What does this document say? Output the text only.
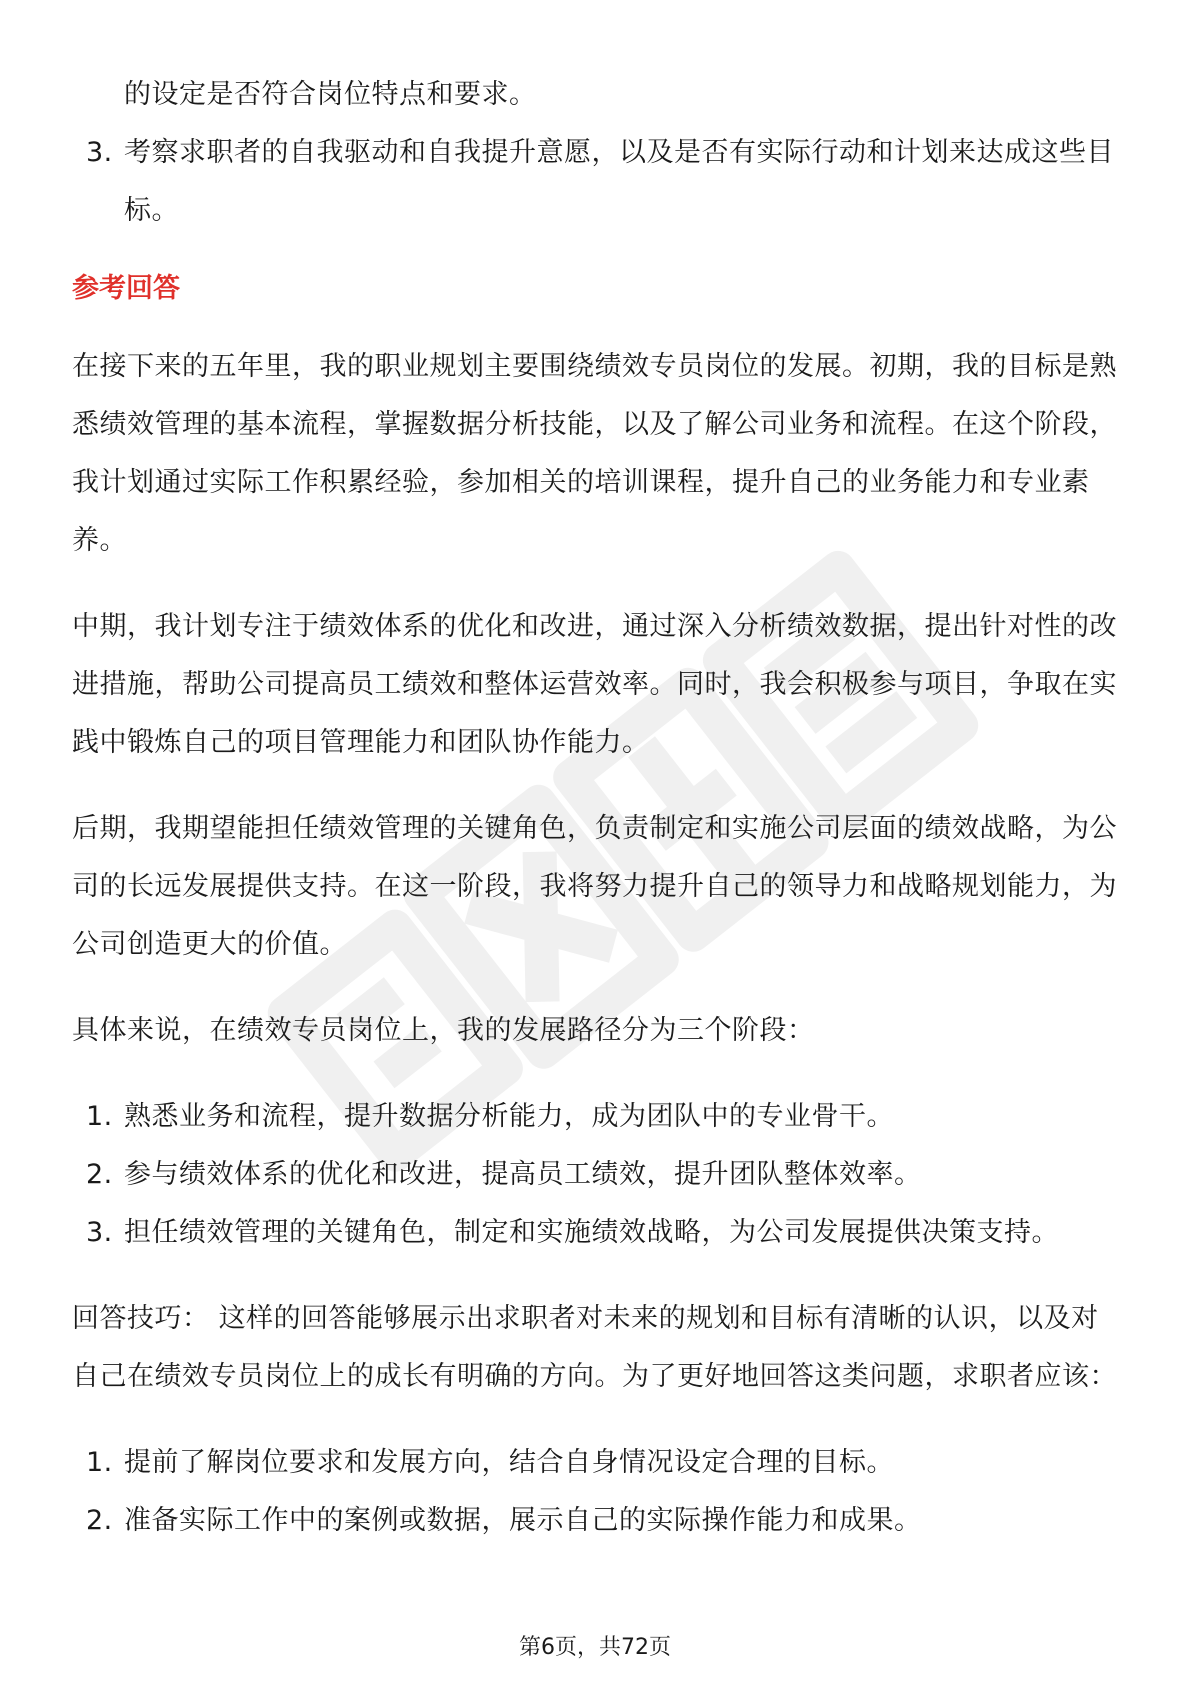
的设定是否符合岗位特点和要求。
3. 考察求职者的自我驱动和自我提升意愿，以及是否有实际行动和计划来达成这些目标。

参考回答

在接下来的五年里，我的职业规划主要围绕绩效专员岗位的发展。初期，我的目标是熟悉绩效管理的基本流程，掌握数据分析技能，以及了解公司业务和流程。在这个阶段，我计划通过实际工作积累经验，参加相关的培训课程，提升自己的业务能力和专业素养。

中期，我计划专注于绩效体系的优化和改进，通过深入分析绩效数据，提出针对性的改进措施，帮助公司提高员工绩效和整体运营效率。同时，我会积极参与项目，争取在实践中锻炼自己的项目管理能力和团队协作能力。

后期，我期望能担任绩效管理的关键角色，负责制定和实施公司层面的绩效战略，为公司的长远发展提供支持。在这一阶段，我将努力提升自己的领导力和战略规划能力，为公司创造更大的价值。

具体来说，在绩效专员岗位上，我的发展路径分为三个阶段：

1. 熟悉业务和流程，提升数据分析能力，成为团队中的专业骨干。
2. 参与绩效体系的优化和改进，提高员工绩效，提升团队整体效率。
3. 担任绩效管理的关键角色，制定和实施绩效战略，为公司发展提供决策支持。

回答技巧： 这样的回答能够展示出求职者对未来的规划和目标有清晰的认识，以及对自己在绩效专员岗位上的成长有明确的方向。为了更好地回答这类问题，求职者应该：

1. 提前了解岗位要求和发展方向，结合自身情况设定合理的目标。
2. 准备实际工作中的案例或数据，展示自己的实际操作能力和成果。
第6页，共72页
